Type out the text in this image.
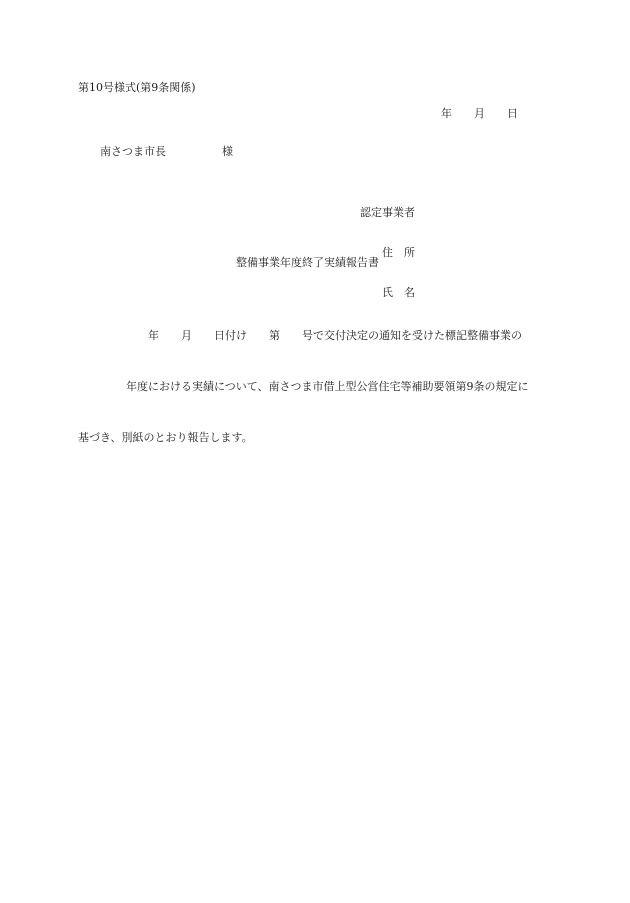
第10号様式(第9条関係)
年 月 日
南さつま市長	様

認定事業者

住　所

氏　名

整備事業年度終了実績報告書

年　　月　　日付け　　第　　号で交付決定の通知を受けた標記整備事業の

年度における実績について、南さつま市借上型公営住宅等補助要領第9条の規定に

基づき、別紙のとおり報告します。
